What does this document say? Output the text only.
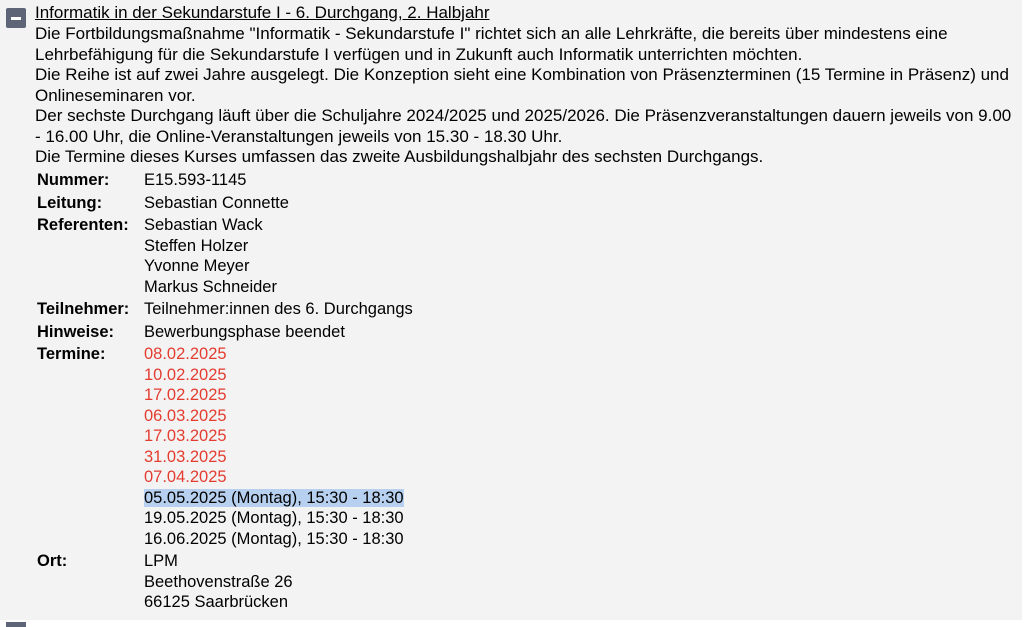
Informatik in der Sekundarstufe I - 6. Durchgang, 2. Halbjahr

Die Fortbildungsmaßnahme "Informatik - Sekundarstufe I" richtet sich an alle Lehrkräfte, die bereits über mindestens eine Lehrbefähigung für die Sekundarstufe I verfügen und in Zukunft auch Informatik unterrichten möchten.

Die Reihe ist auf zwei Jahre ausgelegt. Die Konzeption sieht eine Kombination von Präsenzterminen (15 Termine in Präsenz) und Onlineseminaren vor.

Der sechste Durchgang läuft über die Schuljahre 2024/2025 und 2025/2026. Die Präsenzveranstaltungen dauern jeweils von 9.00 - 16.00 Uhr, die Online-Veranstaltungen jeweils von 15.30 - 18.30 Uhr.

Die Termine dieses Kurses umfassen das zweite Ausbildungshalbjahr des sechsten Durchgangs.

Nummer:	E15.593-1145
Leitung:	Sebastian Connette
Referenten: Sebastian Wack
Steffen Holzer
Yvonne Meyer
Markus Schneider
Teilnehmer: Teilnehmer:innen des 6. Durchgangs
Hinweise:	Bewerbungsphase beendet
Termine:	08.02.2025
10.02.2025
17.02.2025
06.03.2025
17.03.2025
31.03.2025
07.04.2025
05.05.2025 (Montag), 15:30 - 18:30
19.05.2025 (Montag), 15:30 - 18:30
16.06.2025 (Montag), 15:30 - 18:30
Ort:	LPM
Beethovenstraße 26
66125 Saarbrücken
